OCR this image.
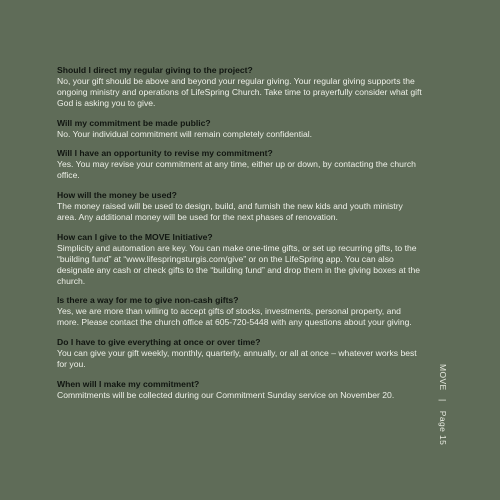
Should I direct my regular giving to the project?

No, your gift should be above and beyond your regular giving. Your regular giving supports the ongoing ministry and operations of LifeSpring Church. Take time to prayerfully consider what gift God is asking you to give.

Will my commitment be made public?

No. Your individual commitment will remain completely confidential.

Will I have an opportunity to revise my commitment?

Yes. You may revise your commitment at any time, either up or down, by contacting the church office.

How will the money be used?

The money raised will be used to design, build, and furnish the new kids and youth ministry area. Any additional money will be used for the next phases of renovation.

How can I give to the MOVE Initiative?

Simplicity and automation are key. You can make one-time gifts, or set up recurring gifts, to the “building fund” at “www.lifespringsturgis.com/give” or on the LifeSpring app. You can also designate any cash or check gifts to the “building fund” and drop them in the giving boxes at the church.

Is there a way for me to give non-cash gifts?

Yes, we are more than willing to accept gifts of stocks, investments, personal property, and more. Please contact the church office at 605-720-5448 with any questions about your giving.

Do I have to give everything at once or over time?

You can give your gift weekly, monthly, quarterly, annually, or all at once – whatever works best for you.

When will I make my commitment?

Commitments will be collected during our Commitment Sunday service on November 20.

MOVE | Page 15
